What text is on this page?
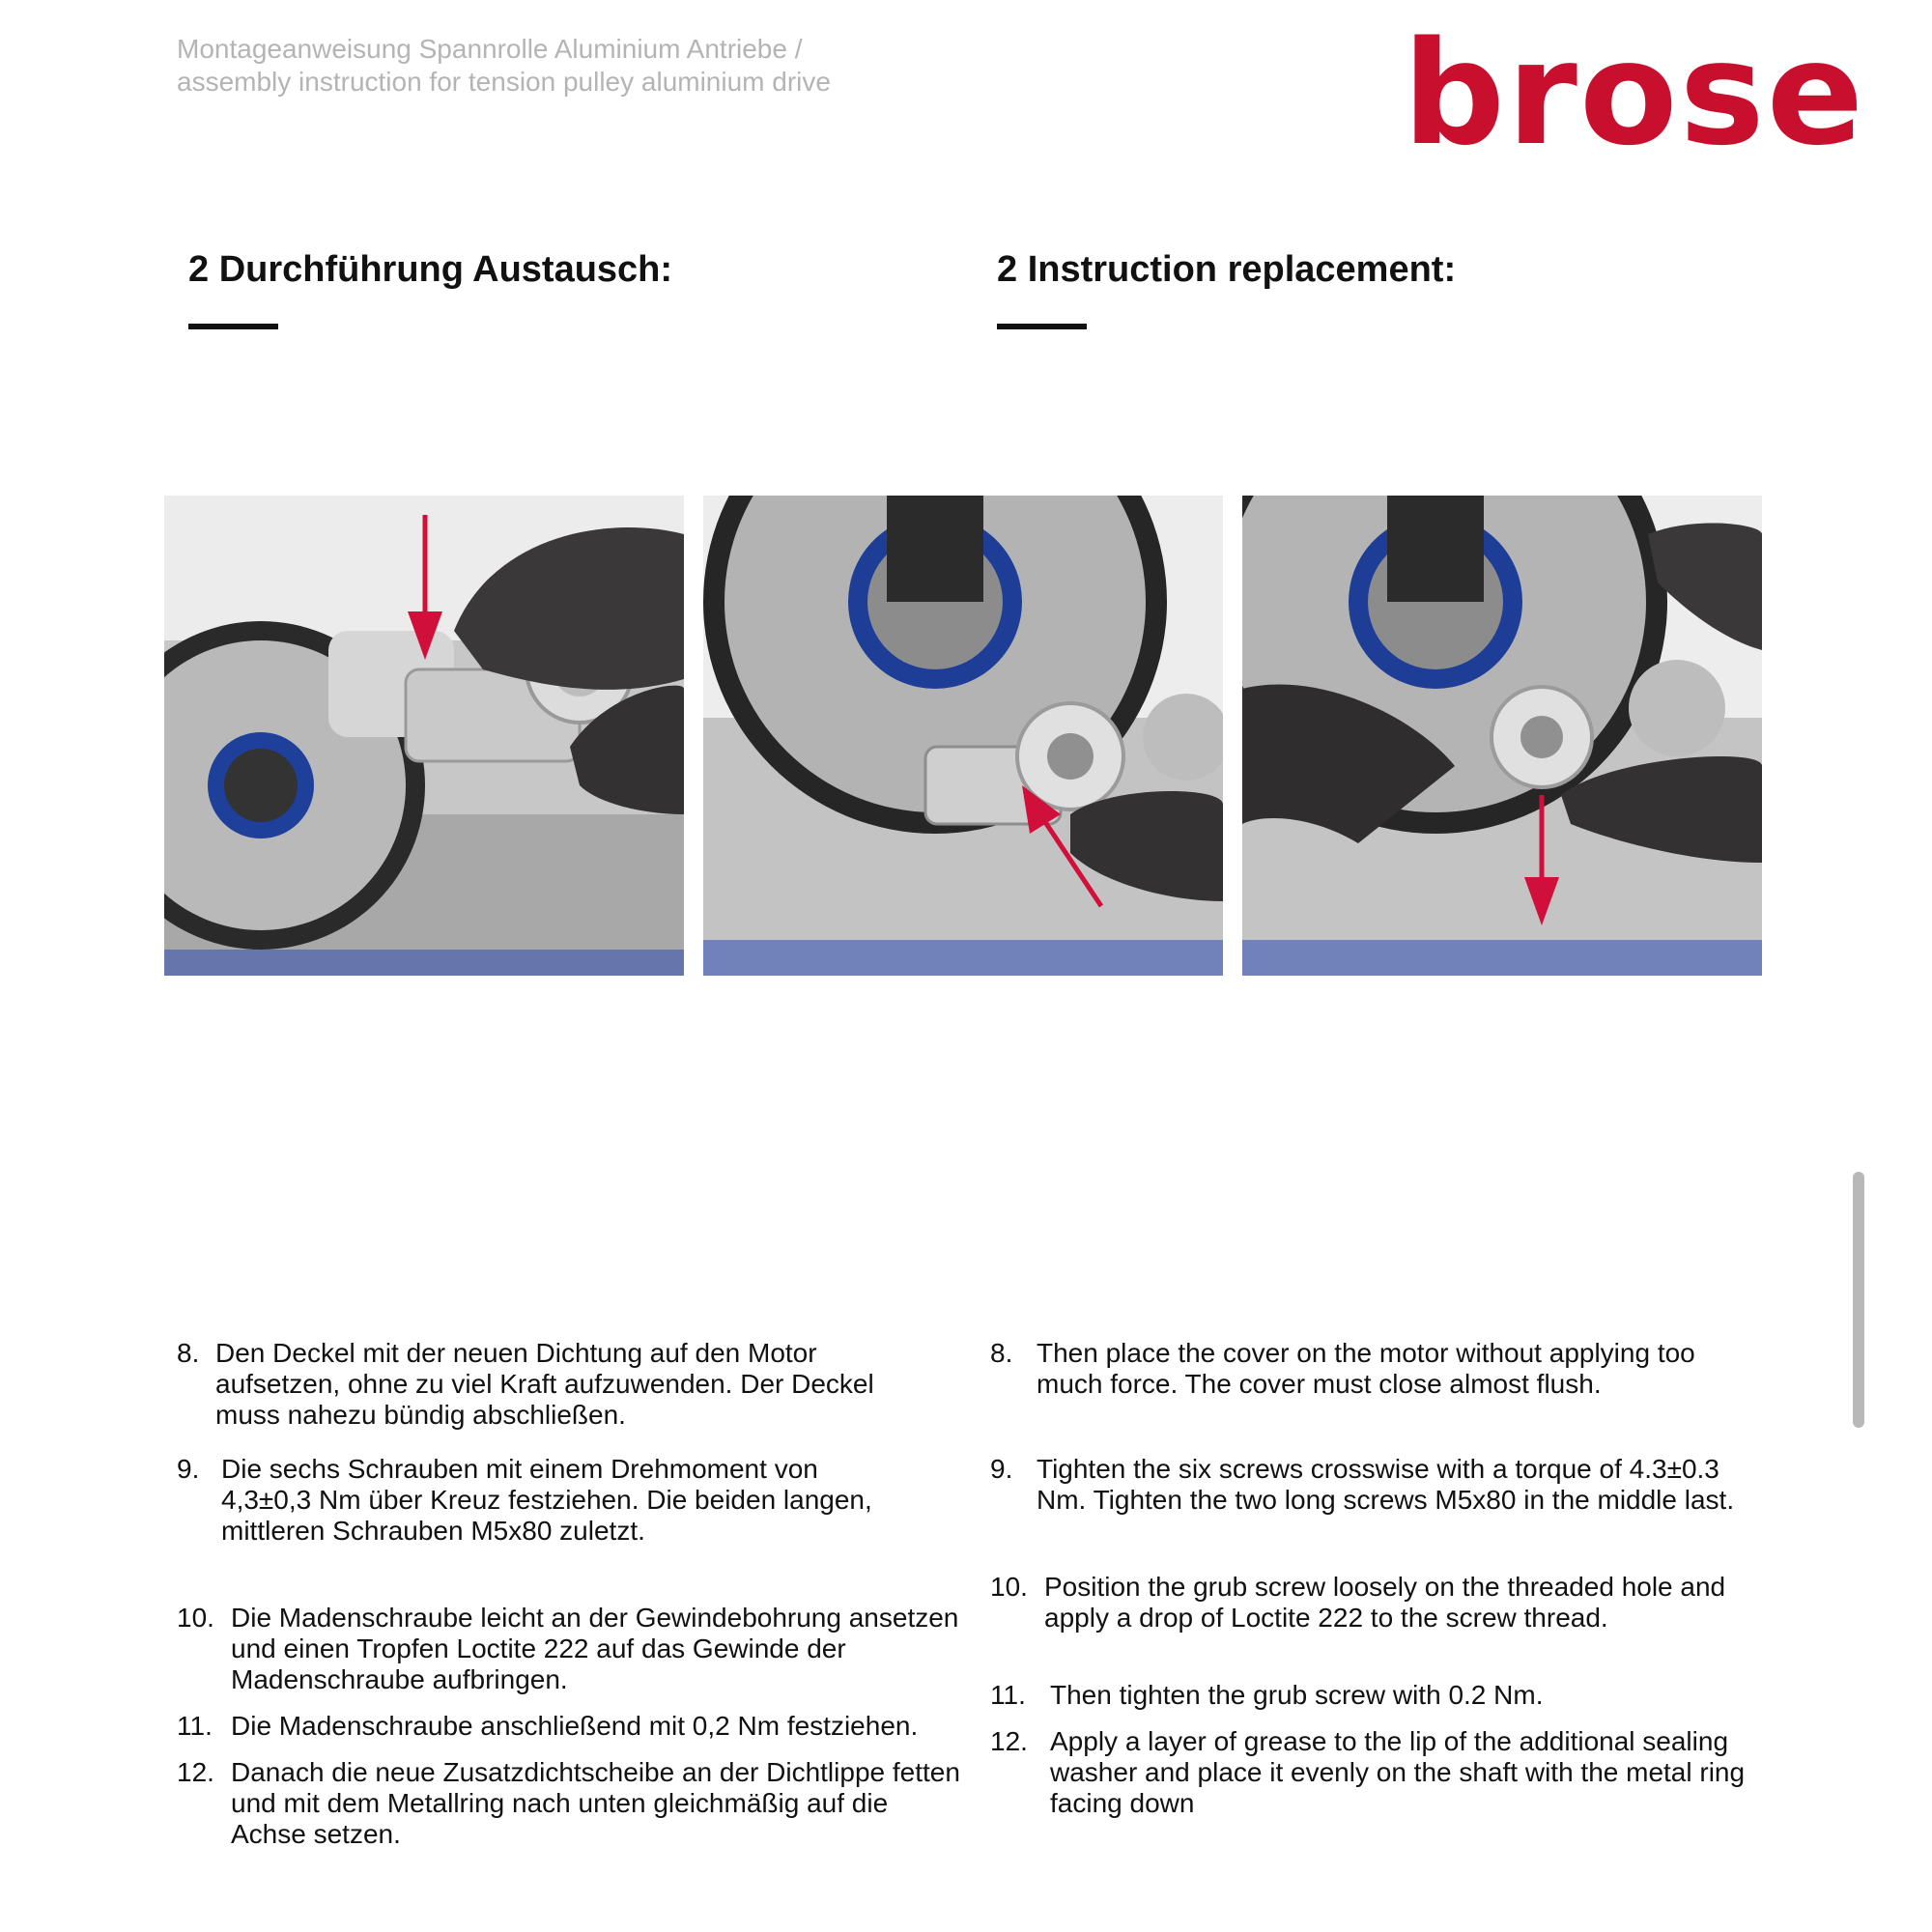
Montageanweisung Spannrolle Aluminium Antriebe /
assembly instruction for tension pulley aluminium drive	brose
2 Durchführung Austausch:	2 Instruction replacement:
8. Den Deckel mit der neuen Dichtung auf den Motor aufsetzen, ohne zu viel Kraft aufzuwenden. Der Deckel muss nahezu bündig abschließen.
9. Die sechs Schrauben mit einem Drehmoment von 4,3±0,3 Nm über Kreuz festziehen. Die beiden langen, mittleren Schrauben M5x80 zuletzt.
10. Die Madenschraube leicht an der Gewindebohrung ansetzen und einen Tropfen Loctite 222 auf das Gewinde der Madenschraube aufbringen.
11. Die Madenschraube anschließend mit 0,2 Nm festziehen.
12. Danach die neue Zusatzdichtscheibe an der Dichtlippe fetten und mit dem Metallring nach unten gleichmäßig auf die Achse setzen.
8. Then place the cover on the motor without applying too much force. The cover must close almost flush.
9. Tighten the six screws crosswise with a torque of 4.3±0.3 Nm. Tighten the two long screws M5x80 in the middle last.
10. Position the grub screw loosely on the threaded hole and apply a drop of Loctite 222 to the screw thread.
11. Then tighten the grub screw with 0.2 Nm.
12. Apply a layer of grease to the lip of the additional sealing washer and place it evenly on the shaft with the metal ring facing down
